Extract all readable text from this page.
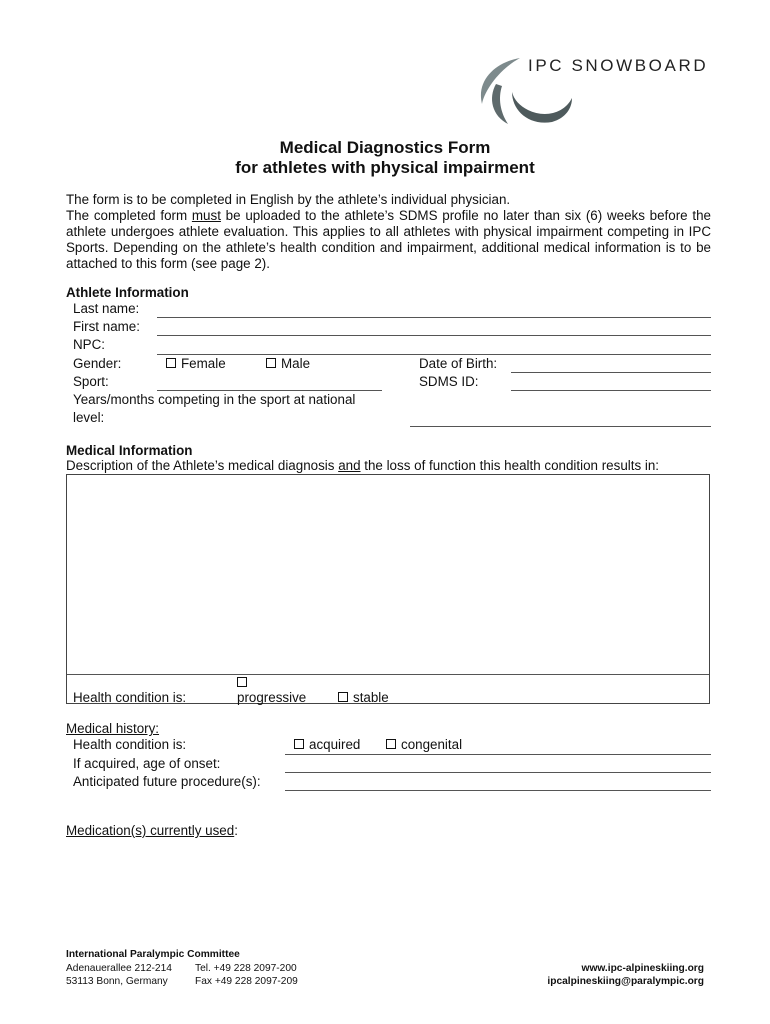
IPC SNOWBOARD
Medical Diagnostics Form
for athletes with physical impairment

The form is to be completed in English by the athlete’s individual physician.

The completed form must be uploaded to the athlete’s SDMS profile no later than six (6) weeks before the athlete undergoes athlete evaluation. This applies to all athletes with physical impairment competing in IPC Sports. Depending on the athlete’s health condition and impairment, additional medical information is to be attached to this form (see page 2).

Athlete Information
Last name:
First name:
NPC:
Gender:	Female	Male	Date of Birth:
Sport:	SDMS ID:
Years/months competing in the sport at national
level:
Medical Information
Description of the Athlete’s medical diagnosis and the loss of function this health condition results in:
Health condition is:	progressive	stable
Medical history:
Health condition is:	acquired	congenital
If acquired, age of onset:
Anticipated future procedure(s):
Medication(s) currently used:
International Paralympic Committee
Adenauerallee 212-214
53113 Bonn, Germany
Tel. +49 228 2097-200
Fax +49 228 2097-209
www.ipc-alpineskiing.org
ipcalpineskiing@paralympic.org
